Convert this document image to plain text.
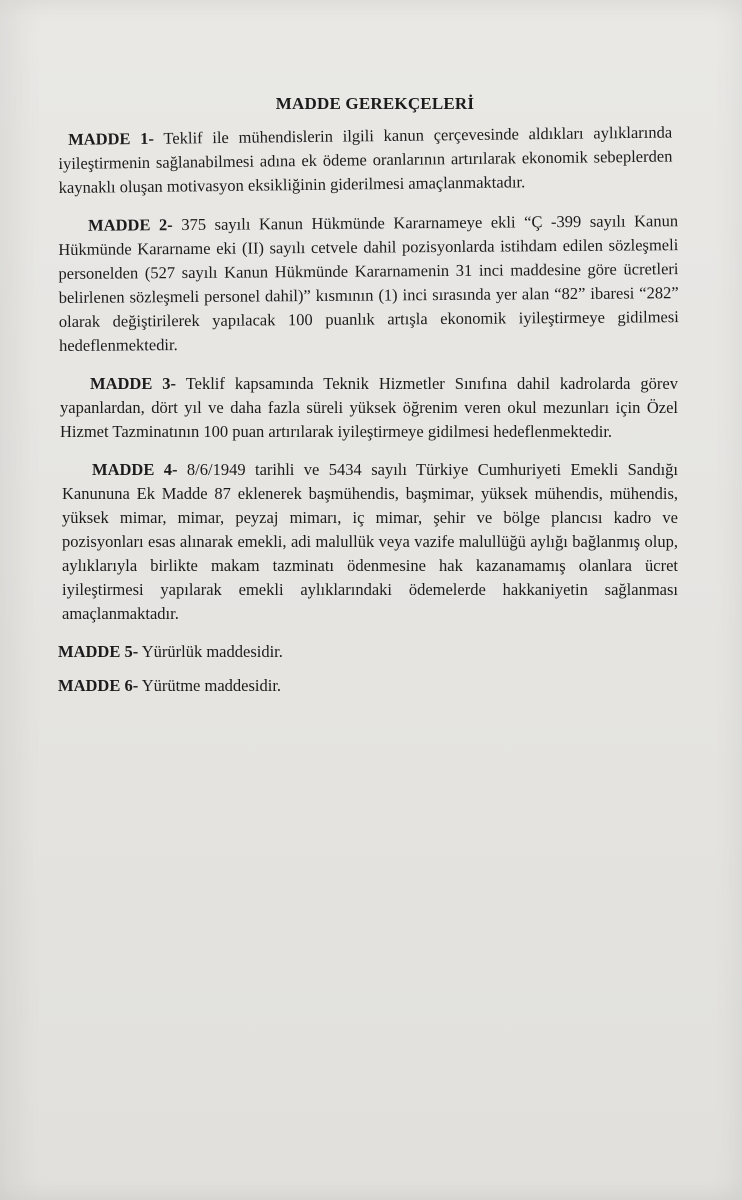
MADDE GEREKÇELERİ

MADDE 1- Teklif ile mühendislerin ilgili kanun çerçevesinde aldıkları aylıklarında iyileştirmenin sağlanabilmesi adına ek ödeme oranlarının artırılarak ekonomik sebeplerden kaynaklı oluşan motivasyon eksikliğinin giderilmesi amaçlanmaktadır.

MADDE 2- 375 sayılı Kanun Hükmünde Kararnameye ekli “Ç -399 sayılı Kanun Hükmünde Kararname eki (II) sayılı cetvele dahil pozisyonlarda istihdam edilen sözleşmeli personelden (527 sayılı Kanun Hükmünde Kararnamenin 31 inci maddesine göre ücretleri belirlenen sözleşmeli personel dahil)” kısmının (1) inci sırasında yer alan “82” ibaresi “282” olarak değiştirilerek yapılacak 100 puanlık artışla ekonomik iyileştirmeye gidilmesi hedeflenmektedir.

MADDE 3- Teklif kapsamında Teknik Hizmetler Sınıfına dahil kadrolarda görev yapanlardan, dört yıl ve daha fazla süreli yüksek öğrenim veren okul mezunları için Özel Hizmet Tazminatının 100 puan artırılarak iyileştirmeye gidilmesi hedeflenmektedir.

MADDE 4- 8/6/1949 tarihli ve 5434 sayılı Türkiye Cumhuriyeti Emekli Sandığı Kanununa Ek Madde 87 eklenerek başmühendis, başmimar, yüksek mühendis, mühendis, yüksek mimar, mimar, peyzaj mimarı, iç mimar, şehir ve bölge plancısı kadro ve pozisyonları esas alınarak emekli, adi malullük veya vazife malullüğü aylığı bağlanmış olup, aylıklarıyla birlikte makam tazminatı ödenmesine hak kazanamamış olanlara ücret iyileştirmesi yapılarak emekli aylıklarındaki ödemelerde hakkaniyetin sağlanması amaçlanmaktadır.

MADDE 5- Yürürlük maddesidir.

MADDE 6- Yürütme maddesidir.
